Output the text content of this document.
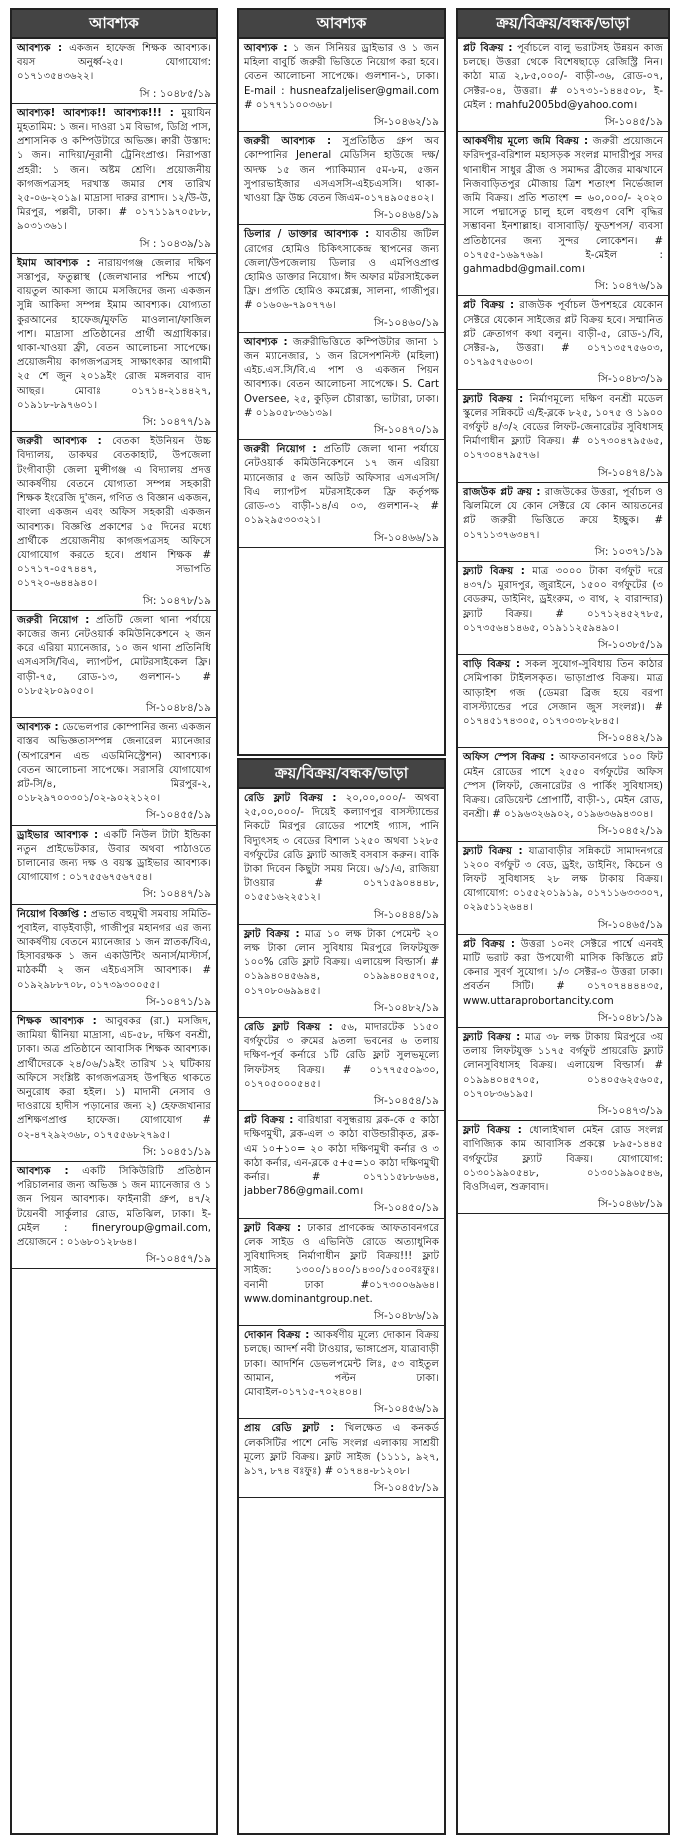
আবশ্যক
আবশ্যক : একজন হাফেজ শিক্ষক আবশ্যক। বয়স অনুর্ধ্ব-২৫। যোগাযোগ: ০১৭১৩৫৪৩৬২২।
সি : ১০৪৮৫/১৯
আবশ্যক! আবশ্যক!! আবশ্যক!!! : মুয়াযিন মুহতামিম: ১ জন। দাওরা ১ম বিভাগ, ডিগ্রি পাস, প্রশাসনিক ও কম্পিউটারে অভিজ্ঞ। ক্বারী উস্তাদ: ১ জন। নাদিয়া/নূরানী ট্রেনিংপ্রাপ্ত। নিরাপত্তা প্রহরী: ১ জন। অষ্টম শ্রেণি। প্রয়োজনীয় কাগজপত্রসহ দরখাস্ত জমার শেষ তারিখ ২৫-০৬-২০১৯। মাদ্রাসা দারুর রাশাদ। ১২/উ-উ, মিরপুর, পল্লবী, ঢাকা। # ০১৭১১৯৭০৫৮৮, ৯০৩১৩৬১।
সি : ১০৪৩৯/১৯
ইমাম আবশ্যক : নারায়ণগঞ্জ জেলার দক্ষিণ সস্তাপুর, ফতুল্লাস্থ (জেলখানার পশ্চিম পার্শ্বে) বায়তুল আকসা জামে মসজিদের জন্য একজন সুন্নি আকিদা সম্পন্ন ইমাম আবশ্যক। যোগ্যতা কুরআনের হাফেজ/মুফতি মাওলানা/ফাজিল পাশ। মাদ্রাসা প্রতিষ্ঠানের প্রার্থী অগ্রাধিকার। থাকা-খাওয়া ফ্রী, বেতন আলোচনা সাপেক্ষে। প্রয়োজনীয় কাগজপত্রসহ সাক্ষাৎকার আগামী ২৫ শে জুন ২০১৯ইং রোজ মঙ্গলবার বাদ আছর। মোবাঃ ০১৭১৪-২১৪৪২৭, ০১৯১৮-৮৯৭৬০১।
সি: ১০৪৭৭/১৯
জরুরী আবশ্যক : বেতকা ইউনিয়ন উচ্চ বিদ্যালয়, ডাকঘর বেতকাহাট, উপজেলা টংগীবাড়ী জেলা মুন্সীগঞ্জ এ বিদ্যালয় প্রদত্ত আকর্ষণীয় বেতনে যোগ্যতা সম্পন্ন সহকারী শিক্ষক ইংরেজি দু'জন, গণিত ও বিজ্ঞান একজন, বাংলা একজন এবং অফিস সহকারী একজন আবশ্যক। বিজ্ঞপ্তি প্রকাশের ১৫ দিনের মধ্যে প্রার্থীকে প্রয়োজনীয় কাগজপত্রসহ অফিসে যোগাযোগ করতে হবে। প্রধান শিক্ষক # ০১৭১৭-০৫৭৪৪৭, সভাপতি ০১৭২০-৬৪৪৯৪০।
সি: ১০৪৭৮/১৯
জরুরী নিয়োগ : প্রতিটি জেলা থানা পর্যায়ে কাজের জন্য নেটওয়ার্ক কমিউনিকেশনে ২ জন করে এরিয়া ম্যানেজার, ১০ জন থানা প্রতিনিধি এসএসসি/বিএ, ল্যাপটপ, মোটরসাইকেল ফ্রি। বাড়ী-৭৫, রোড-১৩, গুলশান-১ # ০১৮৫২৮০৯০৫০।
সি-১০৪৮৪/১৯
আবশ্যক : ডেভেলপার কোম্পানির জন্য একজন বাস্তব অভিজ্ঞতাসম্পন্ন জেনারেল ম্যানেজার (অপারেশন এন্ড এডমিনিস্ট্রেশন) আবশ্যক। বেতন আলোচনা সাপেক্ষে। সরাসরি যোগাযোগ প্লট-সি/৪, মিরপুর-২, ০১৮২৯৭০০৩০১/০২-৯০২২১২০।
সি-১০৪৫৫/১৯
ড্রাইভার আবশ্যক : একটি নিউল টাটা ইন্ডিকা নতুন প্রাইভেটকার, উবার অথবা পাঠাওতে চালানোর জন্য দক্ষ ও বয়স্ক ড্রাইভার আবশ্যক। যোগাযোগ : ০১৭৫৫৬৭৫৬৭৫৪।
সি: ১০৪৪৭/১৯
নিয়োগ বিজ্ঞপ্তি : প্রভাত বহুমুখী সমবায় সমিতি-পূবাইল, বাড়ইবাড়ী, গাজীপুর মহানগর এর জন্য আকর্ষণীয় বেতনে ম্যানেজার ১ জন স্নাতক/বিএ, হিসাবরক্ষক ১ জন একাউন্টিং অনার্স/মাস্টার্স, মাঠকর্মী ২ জন এইচএসসি আবশ্যক। # ০১৯২৯৮৮৭০৮, ০১৭৩৯৩০০৫৫।
সি-১০৪৭১/১৯
শিক্ষক আবশ্যক : আবুবকর (রা.) মসজিদ, জামিয়া দ্বীনিয়া মাদ্রাসা, এচ-৫৮, দক্ষিণ বনশ্রী, ঢাকা। অত্র প্রতিষ্ঠানে আবাসিক শিক্ষক আবশ্যক। প্রার্থীদেরকে ২৪/০৬/১৯ইং তারিখ ১২ ঘটিকায় অফিসে সংশ্লিষ্ট কাগজপত্রসহ উপস্থিত থাকতে অনুরোধ করা হইল। ১) মাদানী নেসাব ও দাওরায়ে হাদীস পড়ানোর জন্য ২) হেফজখানার প্রশিক্ষণপ্রাপ্ত হাফেজ। যোগাযোগ # ০২-৪৭২৯২৩৬৮, ০১৭৫৫৬৮২৭৯৫।
সি: ১০৪৫১/১৯
আবশ্যক : একটি সিকিউরিটি প্রতিষ্ঠান পরিচালনার জন্য অভিজ্ঞ ১ জন ম্যানেজার ও ১ জন পিয়ন আবশ্যক। ফাইনারী গ্রুপ, ৪৭/২ টয়েনবী সার্কুলার রোড, মতিঝিল, ঢাকা। ই-মেইল : fineryroup@gmail.com, প্রয়োজনে : ০১৬৮০১২৮৬৪।
সি-১০৪৫৭/১৯
আবশ্যক
আবশ্যক : ১ জন সিনিয়র ড্রাইভার ও ১ জন মহিলা বাবুর্চি জরুরী ভিত্তিতে নিয়োগ করা হবে। বেতন আলোচনা সাপেক্ষে। গুলশান-১, ঢাকা। E-mail : husneafzaljeliser@gmail.com # ০১৭৭১১০০৩৬৮।
সি-১০৪৬২/১৯
জরুরী আবশ্যক : সুপ্রতিষ্ঠিত গ্রুপ অব কোম্পানির Jeneral মেডিসিন হাউজে দক্ষ/অদক্ষ ১৫ জন প্যাকিম্যান ৫ম-৮ম, ৫জন সুপারভাইজার এসএসসি-এইচএসসি। থাকা-খাওয়া ফ্রি উচ্চ বেতন জিএম-০১৭৪৯০৫৪০২।
সি-১০৪৬৪/১৯
ডিলার / ডাক্তার আবশ্যক : যাবতীয় জটিল রোগের হোমিও চিকিৎসাকেন্দ্র স্থাপনের জন্য জেলা/উপজেলায় ডিলার ও এমপিওপ্রাপ্ত হোমিও ডাক্তার নিয়োগ। ঈদ অফার মটরসাইকেল ফ্রি। প্রগতি হোমিও কমপ্লেক্স, সালনা, গাজীপুর। # ০১৬০৬-৭৯০৭৭৬।
সি-১০৪৬০/১৯
আবশ্যক : জরুরীভিত্তিতে কম্পিউটার জানা ১ জন ম্যানেজার, ১ জন রিসেপশনিস্ট (মহিলা) এইচ.এস.সি/বি.এ পাশ ও একজন পিয়ন আবশ্যক। বেতন আলোচনা সাপেক্ষে। S. Cart Oversee, ২৫, কুড়িল চৌরাস্তা, ভাটারা, ঢাকা। # ০১৯০৫৮৩৬১৩৯।
সি-১০৪৭০/১৯
জরুরী নিয়োগ : প্রতিটি জেলা থানা পর্যায়ে নেটওয়ার্ক কমিউনিকেশনে ১৭ জন এরিয়া ম্যানেজার ৫ জন অডিট অফিসার এসএসসি/বিএ ল্যাপটপ মটরসাইকেল ফ্রি কর্তৃপক্ষ রোড-৩১ বাড়ী-১৪/এ ০৩, গুলশান-২ # ০১৯২৯৫৩০৩২১।
সি-১০৪৬৬/১৯
ক্রয়/বিক্রয়/বন্ধক/ভাড়া
রেডি ফ্লাট বিক্রয় : ২০,০০,০০০/- অথবা ২৫,০০,০০০/- দিয়েই কল্যাণপুর বাসস্ট্যান্ডের নিকটে মিরপুর রোডের পাশেই গ্যাস, পানি বিদ্যুৎসহ ৩ বেডের বিশাল ১২৫০ অথবা ১২৮৫ বর্গফুটের রেডি ফ্ল্যাট আজই বসবাস করুন। বাকি টাকা দিবেন কিছুটা সময় নিয়ে। ৬/১/এ, রাজিয়া টাওয়ার # ০১৭১৫৯০৪৪৪৮, ০১৫৫১৬২২৫১২।
সি-১০৪৪৪/১৯
ফ্লাট বিক্রয় : মাত্র ১০ লক্ষ টাকা পেমেন্ট ২০ লক্ষ টাকা লোন সুবিধায় মিরপুরে লিফটযুক্ত ১০০% রেডি ফ্লাট বিক্রয়। এলায়েন্স বিল্ডার্স। # ০১৯৯৪০৪৫৬৯৪, ০১৯৯৪০৪৫৭০৫, ০১৭০৮০৬৯৯৪৫।
সি-১০৪৮২/১৯
রেডি ফ্লাট বিক্রয় : ৫৬, মাদারটেক ১১৫০ বর্গফুটের ৩ রুমের ৯তলা ভবনের ৬ তলায় দক্ষিণ-পূর্ব কর্নারে ১টি রেডি ফ্লাট সুলভমূল্যে লিফটসহ বিক্রয়। # ০১৭৭৫৫০৯৩০, ০১৭০৫০০০৫৪৫।
সি-১০৪৫৪/১৯
প্লট বিক্রয় : বারিধারা বসুন্ধরায় ব্লক-কে ৫ কাঠা দক্ষিণমুখী, ব্লক-এল ৩ কাঠা বাউন্ডারীকৃত, ব্লক-এম ১০+১০= ২০ কাঠা দক্ষিণমুখী কর্নার ও ৩ কাঠা কর্নার, এন-ব্লকে ৫+৫=১০ কাঠা দক্ষিণমুখী কর্নার। # ০১৭১১৫৮৮৬৬৪, jabber786@gmail.com।
সি-১০৪৫০/১৯
ফ্লাট বিক্রয় : ঢাকার প্রাণকেন্দ্র আফতাবনগরে লেক সাইড ও এভিনিউ রোডে অত্যাধুনিক সুবিধাদিসহ নির্মাণাধীন ফ্লাট বিক্রয়!!! ফ্লাট সাইজ: ১৩০০/১৪০০/১৪৩০/১৫০০বঃফুঃ। বনানী ঢাকা #০১৭৩০০৬৯৬৪। www.dominantgroup.net.
সি-১০৪৮৬/১৯
দোকান বিক্রয় : আকর্ষণীয় মূল্যে দোকান বিক্রয় চলছে। আদর্শ নবী টাওয়ার, ভাঙ্গাপ্রেস, যাত্রাবাড়ী ঢাকা। আদর্শিন ডেভলপমেন্ট লিঃ, ৫৩ বাইতুল আমান, পল্টন ঢাকা। মোবাইল-০১৭১৫-৭০২৪০৪।
সি-১০৪৫৬/১৯
প্রায় রেডি ফ্লাট : খিলক্ষেত এ কনকর্ড লেকসিটির পাশে নেভি সংলগ্ন এলাকায় সাশ্রয়ী মূল্যে ফ্লাট বিক্রয়। ফ্লাট সাইজ (১১১১, ৯২৭, ৯১৭, ৮৭৪ বঃফুঃ) # ০১৭৪৪-৮১২০৮।
সি-১০৪৫৮/১৯
ক্রয়/বিক্রয়/বন্ধক/ভাড়া
প্লট বিক্রয় : পূর্বাচলে বালু ভরাটসহ উন্নয়ন কাজ চলছে। উত্তরা থেকে বিশেষছাড়ে রেজিস্ট্রি নিন। কাঠা মাত্র ২,৮৫,০০০/- বাড়ী-৩৬, রোড-০৭, সেক্টর-০৪, উত্তরা। # ০১৭৩১-১৪৪৫০৮, ই-মেইল : mahfu2005bd@yahoo.com।
সি-১০৪৫/১৯
আকর্ষণীয় মূল্যে জমি বিক্রয় : জরুরী প্রয়োজনে ফরিদপুর-বরিশাল মহাসড়ক সংলগ্ন মাদারীপুর সদর থানাধীন সাধুর ব্রীজ ও সমাদ্দর ব্রীজের মাঝখানে নিজবাড়িতপুর মৌজায় ত্রিশ শতাংশ নির্ভেজাল জমি বিক্রয়। প্রতি শতাংশ = ৬০,০০০/- ২০২০ সালে পদ্মাসেতু চালু হলে বহুগুণ বেশি বৃদ্ধির সম্ভাবনা ইনশাল্লাহ। বাসাবাড়ি/ ফুডশপস/ ব্যবসা প্রতিষ্ঠানের জন্য সুন্দর লোকেশন। # ০১৭৫৫-১৬৯৭৬৯। ই-মেইল : gahmadbd@gmail.com।
সি: ১০৪৭৬/১৯
প্লট বিক্রয় : রাজউক পূর্বাচল উপশহরে যেকোন সেক্টরে যেকোন সাইজের প্লট বিক্রয় হবে। সম্মানিত প্লট ক্রেতাগণ কথা বলুন। বাড়ী-৫, রোড-১/বি, সেক্টর-৯, উত্তরা। # ০১৭১৩৫৭৫৬০৩, ০১৭৯৫৭৫৬০৩।
সি-১০৪৮৩/১৯
ফ্ল্যাট বিক্রয় : নির্মাণমূল্যে দক্ষিণ বনশ্রী মডেল স্কুলের সন্নিকটে এ/ই-ব্লকে ৮২৫, ১০৭৫ ও ১৯০০ বর্গফুট ৪/৩/২ বেডের লিফট-জেনারেটর সুবিধাসহ নির্মাণাধীন ফ্ল্যাট বিক্রয়। # ০১৭৩০৪৭৯৫৬৫, ০১৭৩০৪৭৯৫৭৬।
সি-১০৪৭৪/১৯
রাজউক প্লট ক্রয় : রাজউকের উত্তরা, পূর্বাচল ও ঝিলমিলে যে কোন সেক্টরে যে কোন আয়তনের প্লট জরুরী ভিত্তিতে ক্রয়ে ইচ্ছুক। # ০১৭১১৩৭৬৩৪৭।
সি: ১০৩৭১/১৯
ফ্ল্যাট বিক্রয় : মাত্র ৩০০০ টাকা বর্গফুট দরে ৪৩৭/১ মুরাদপুর, জুরাইনে, ১৫০০ বর্গফুটের (৩ বেডরুম, ডাইনিং, ড্রইংরুম, ৩ বাথ, ২ বারান্দার) ফ্ল্যাট বিক্রয়। # ০১৭১২৪৫২৭৮৫, ০১৭৩৫৬৪১৪৬৫, ০১৯১১২৫৯৪৯০।
সি-১০৩৮৫/১৯
বাড়ি বিক্রয় : সকল সুযোগ-সুবিধায় তিন কাঠার সেমিপাকা টাইলসকৃত। ভাড়াপ্রাপ্ত বিক্রয়। মাত্র আড়াইশ গজ (ডেমরা ব্রিজ হয়ে বরপা বাসস্ট্যান্ডের পরে সেজান জুস সংলগ্ন)। # ০১৭৪৫১৭৪৩০৫, ০১৭৩০৩৮২৮৪৫।
সি-১০৪৪২/১৯
অফিস স্পেস বিক্রয় : আফতাবনগরে ১০০ ফিট মেইন রোডের পাশে ২৫৫০ বর্গফুটের অফিস স্পেস (লিফট, জেনারেটর ও পার্কিং সুবিধাসহ) বিক্রয়। রেডিয়েন্ট প্রোপার্টি, বাড়ী-১, মেইন রোড, বনশ্রী। # ০১৯৬৩২৬৯০২, ০১৯৬৩৬৯৪৩০৪।
সি-১০৪৫২/১৯
ফ্ল্যাট বিক্রয় : যাত্রাবাড়ীর সন্নিকটে সামাদনগরে ১২০০ বর্গফুট ৩ বেড, ড্রইং, ডাইনিং, কিচেন ও লিফট সুবিধাসহ ২৮ লক্ষ টাকায় বিক্রয়। যোগাযোগ: ০১৫৫২০১৯১৯, ০১৭১১৬৩৩৩০৭, ০২৯৫১১২৬৪৪।
সি-১০৪৬৫/১৯
প্লট বিক্রয় : উত্তরা ১০নং সেক্টরে পার্শ্বে এনবই মাটি ভরাট করা উপযোগী মাসিক কিস্তিতে প্লট কেনার সুবর্ণ সুযোগ। ১/৩ সেক্টর-৩ উত্তরা ঢাকা। প্রবর্তন সিটি। # ০১৭০৭৪৪৪৪৩৫, www.uttaraprobortancity.com
সি-১০৪৮১/১৯
ফ্ল্যাট বিক্রয় : মাত্র ৩৮ লক্ষ টাকায় মিরপুরে ৩য় তলায় লিফটযুক্ত ১১৭৫ বর্গফুট প্রায়রেডি ফ্ল্যাট লোনসুবিধাসহ বিক্রয়। এলায়েন্স বিল্ডার্স। # ০১৯৯৪০৪৫৭০৫, ০১৪০৫৬২৫৬০৫, ০১৭০৮৩৬১৯৫।
সি-১০৪৭৩/১৯
ফ্লাট বিক্রয় : ধোলাইখাল মেইন রোড সংলগ্ন বাণিজ্যিক কাম আবাসিক প্রকল্পে ৮৯৫-১৪৪৫ বর্গফুটের ফ্ল্যাট বিক্রয়। যোগাযোগ: ০১৩০১৯৯০৫৪৮, ০১৩০১৯৯০৫৪৬, বিওসিএল, শুক্রাবাদ।
সি-১০৪৬৮/১৯
